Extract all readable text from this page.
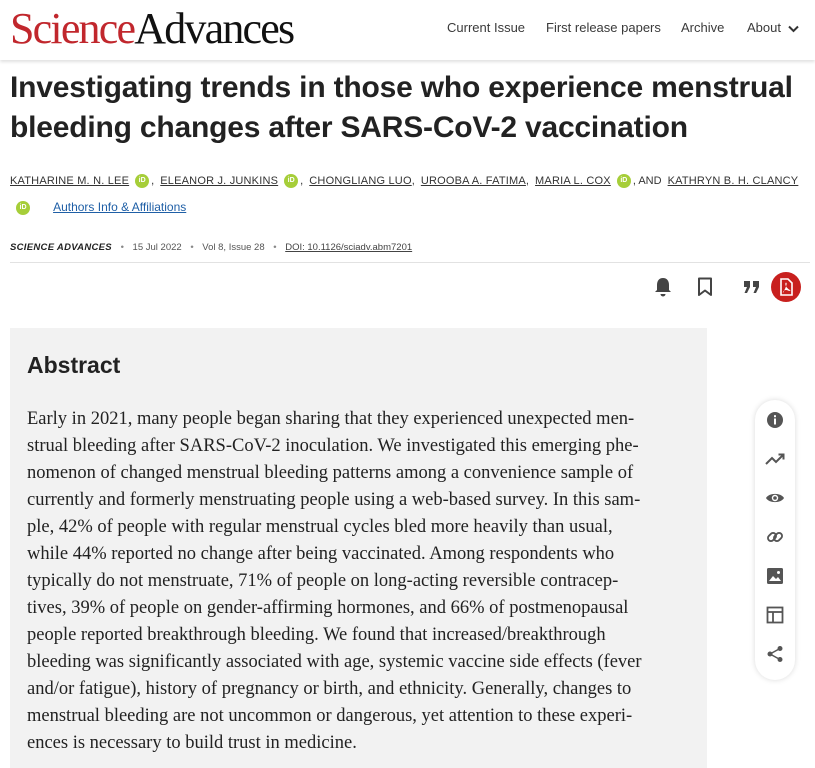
ScienceAdvances	Current Issue First release papers Archive About
Investigating trends in those who experience menstrual bleeding changes after SARS-CoV-2 vaccination
KATHARINE M. N. LEE iD , ELEANOR J. JUNKINS iD , CHONGLIANG LUO, UROOBA A. FATIMA, MARIA L. COX iD , AND KATHRYN B. H. CLANCYiD Authors Info & Affiliations
SCIENCE ADVANCES • 15 Jul 2022 • Vol 8, Issue 28 • DOI: 10.1126/sciadv.abm7201
Abstract
Early in 2021, many people began sharing that they experienced unexpected men-
strual bleeding after SARS-CoV-2 inoculation. We investigated this emerging phe-
nomenon of changed menstrual bleeding patterns among a convenience sample of
currently and formerly menstruating people using a web-based survey. In this sam-
ple, 42% of people with regular menstrual cycles bled more heavily than usual,
while 44% reported no change after being vaccinated. Among respondents who
typically do not menstruate, 71% of people on long-acting reversible contracep-
tives, 39% of people on gender-affirming hormones, and 66% of postmenopausal
people reported breakthrough bleeding. We found that increased/breakthrough
bleeding was significantly associated with age, systemic vaccine side effects (fever
and/or fatigue), history of pregnancy or birth, and ethnicity. Generally, changes to
menstrual bleeding are not uncommon or dangerous, yet attention to these experi-
ences is necessary to build trust in medicine.
